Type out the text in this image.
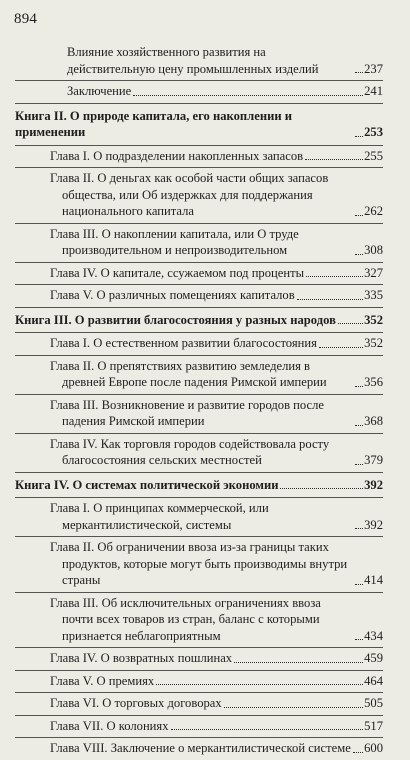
894
Влияние хозяйственного развития на действительную цену промышленных изделий	237
Заключение	241
Книга II. О природе капитала, его накоплении и применении	253
Глава I. О подразделении накопленных запасов	255
Глава II. О деньгах как особой части общих запасов общества, или Об издержках для поддержания национального капитала	262
Глава III. О накоплении капитала, или О труде производительном и непроизводительном	308
Глава IV. О капитале, ссужаемом под проценты	327
Глава V. О различных помещениях капиталов	335
Книга III. О развитии благосостояния у разных народов 352
Глава I. О естественном развитии благосостояния	352
Глава II. О препятствиях развитию земледелия в древней Европе после падения Римской империи	356
Глава III. Возникновение и развитие городов после падения Римской империи	368
Глава IV. Как торговля городов содействовала росту благосостояния сельских местностей	379
Книга IV. О системах политической экономии	392
Глава I. О принципах коммерческой, или меркантилистической, системы	392
Глава II. Об ограничении ввоза из-за границы таких продуктов, которые могут быть производимы внутри страны	414
Глава III. Об исключительных ограничениях ввоза почти всех товаров из стран, баланс с которыми признается неблагоприятным	434
Глава IV. О возвратных пошлинах	459
Глава V. О премиях	464
Глава VI. О торговых договорах	505
Глава VII. О колониях	517
Глава VIII. Заключение о меркантилистической системе 600
